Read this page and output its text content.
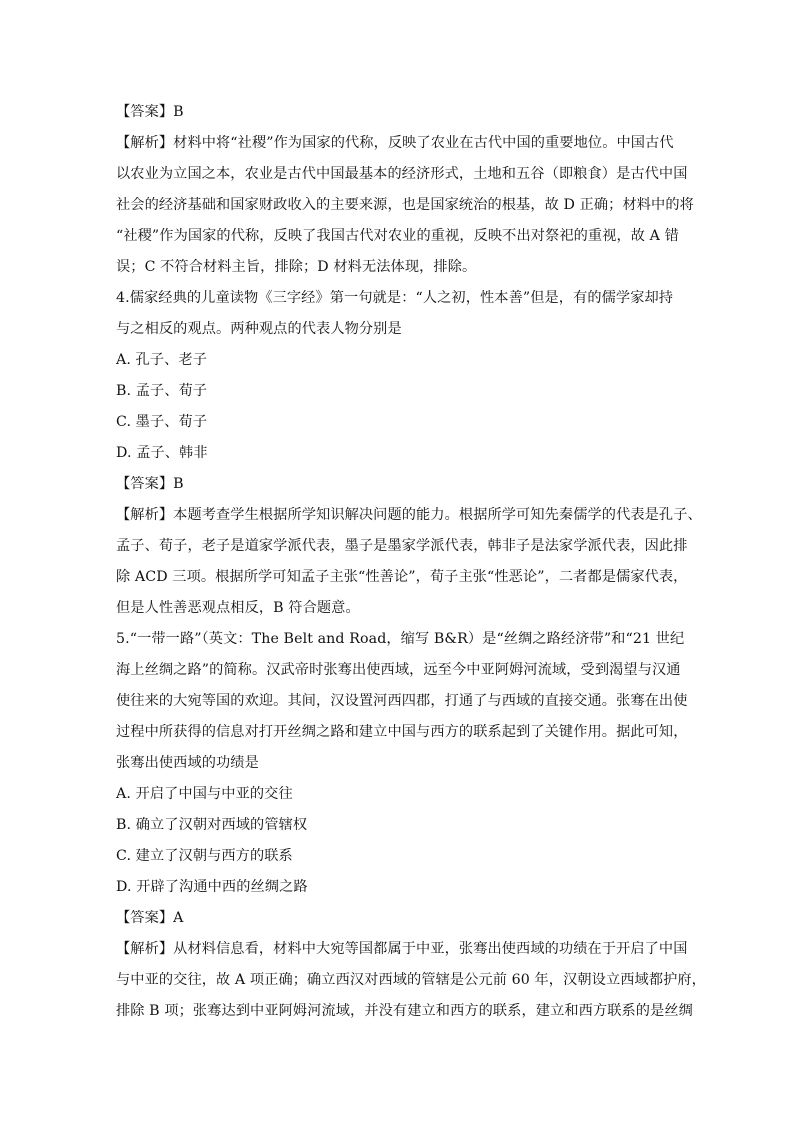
【答案】B
【解析】材料中将“社稷”作为国家的代称，反映了农业在古代中国的重要地位。中国古代
以农业为立国之本，农业是古代中国最基本的经济形式，土地和五谷（即粮食）是古代中国
社会的经济基础和国家财政收入的主要来源，也是国家统治的根基，故 D 正确；材料中的将
“社稷”作为国家的代称，反映了我国古代对农业的重视，反映不出对祭祀的重视，故 A 错
误；C 不符合材料主旨，排除；D 材料无法体现，排除。
4.儒家经典的儿童读物《三字经》第一句就是：“人之初，性本善”但是，有的儒学家却持
与之相反的观点。两种观点的代表人物分别是
A. 孔子、老子
B. 孟子、荀子
C. 墨子、荀子
D. 孟子、韩非
【答案】B
【解析】本题考查学生根据所学知识解决问题的能力。根据所学可知先秦儒学的代表是孔子、
孟子、荀子，老子是道家学派代表，墨子是墨家学派代表，韩非子是法家学派代表，因此排
除 ACD 三项。根据所学可知孟子主张“性善论”，荀子主张“性恶论”，二者都是儒家代表，
但是人性善恶观点相反，B 符合题意。
5.“一带一路”（英文：The Belt and Road，缩写 B&R）是“丝绸之路经济带”和“21 世纪
海上丝绸之路”的简称。汉武帝时张骞出使西域，远至今中亚阿姆河流域，受到渴望与汉通
使往来的大宛等国的欢迎。其间，汉设置河西四郡，打通了与西域的直接交通。张骞在出使
过程中所获得的信息对打开丝绸之路和建立中国与西方的联系起到了关键作用。据此可知，
张骞出使西域的功绩是
A. 开启了中国与中亚的交往
B. 确立了汉朝对西域的管辖权
C. 建立了汉朝与西方的联系
D. 开辟了沟通中西的丝绸之路
【答案】A
【解析】从材料信息看，材料中大宛等国都属于中亚，张骞出使西域的功绩在于开启了中国
与中亚的交往，故 A 项正确；确立西汉对西域的管辖是公元前 60 年，汉朝设立西域都护府，
排除 B 项；张骞达到中亚阿姆河流域，并没有建立和西方的联系，建立和西方联系的是丝绸
